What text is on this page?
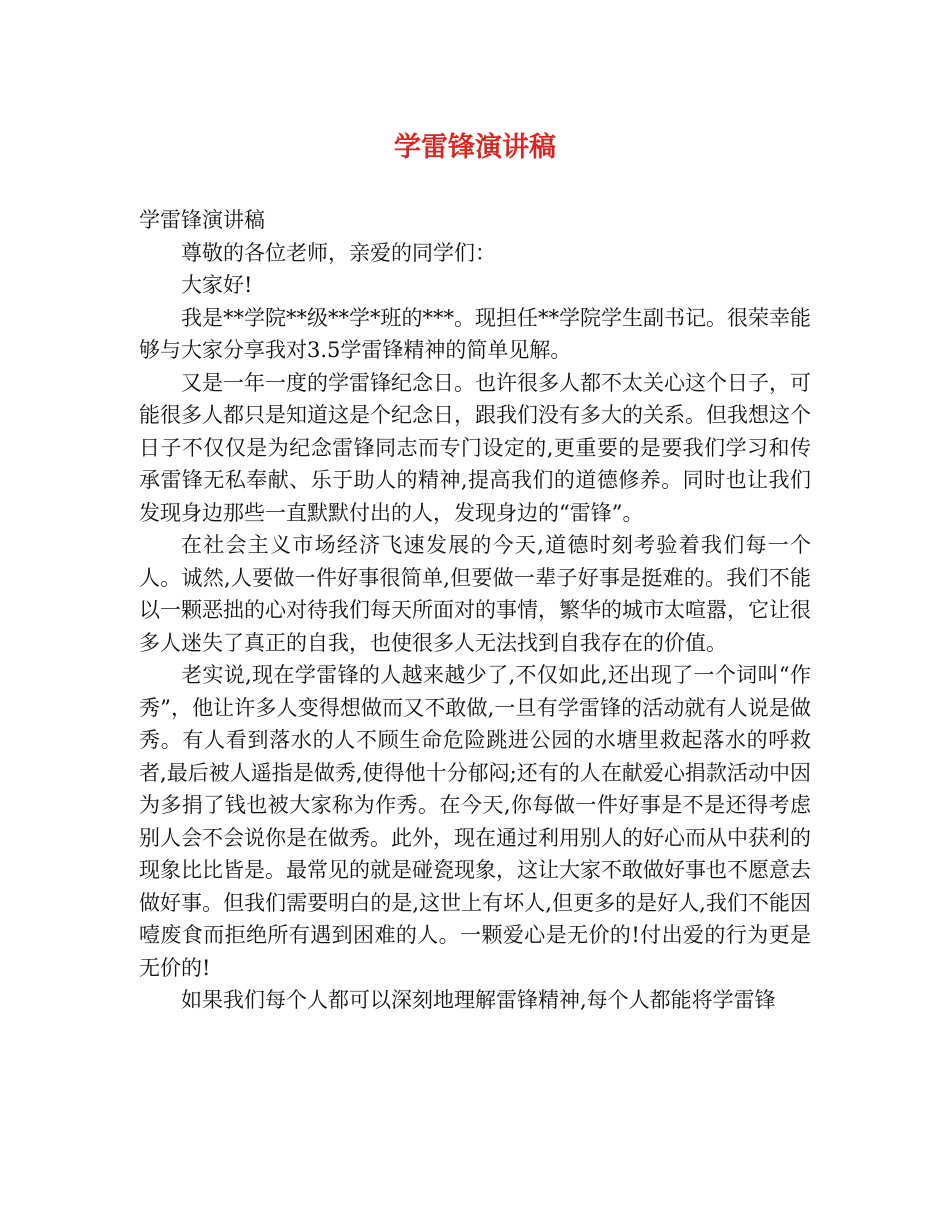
学雷锋演讲稿

学雷锋演讲稿

尊敬的各位老师，亲爱的同学们：

大家好!

我是**学院**级**学*班的***。现担任**学院学生副书记。很荣幸能够与大家分享我对3.5学雷锋精神的简单见解。

又是一年一度的学雷锋纪念日。也许很多人都不太关心这个日子，可能很多人都只是知道这是个纪念日，跟我们没有多大的关系。但我想这个日子不仅仅是为纪念雷锋同志而专门设定的,更重要的是要我们学习和传承雷锋无私奉献、乐于助人的精神,提高我们的道德修养。同时也让我们发现身边那些一直默默付出的人，发现身边的“雷锋”。

在社会主义市场经济飞速发展的今天,道德时刻考验着我们每一个人。诚然,人要做一件好事很简单,但要做一辈子好事是挺难的。我们不能以一颗恶拙的心对待我们每天所面对的事情，繁华的城市太喧嚣，它让很多人迷失了真正的自我，也使很多人无法找到自我存在的价值。

老实说,现在学雷锋的人越来越少了,不仅如此,还出现了一个词叫“作秀”，他让许多人变得想做而又不敢做,一旦有学雷锋的活动就有人说是做秀。有人看到落水的人不顾生命危险跳进公园的水塘里救起落水的呼救者,最后被人遥指是做秀,使得他十分郁闷;还有的人在献爱心捐款活动中因为多捐了钱也被大家称为作秀。在今天,你每做一件好事是不是还得考虑别人会不会说你是在做秀。此外，现在通过利用别人的好心而从中获利的现象比比皆是。最常见的就是碰瓷现象，这让大家不敢做好事也不愿意去做好事。但我们需要明白的是,这世上有坏人,但更多的是好人,我们不能因噎废食而拒绝所有遇到困难的人。一颗爱心是无价的!付出爱的行为更是无价的!

如果我们每个人都可以深刻地理解雷锋精神,每个人都能将学雷锋
